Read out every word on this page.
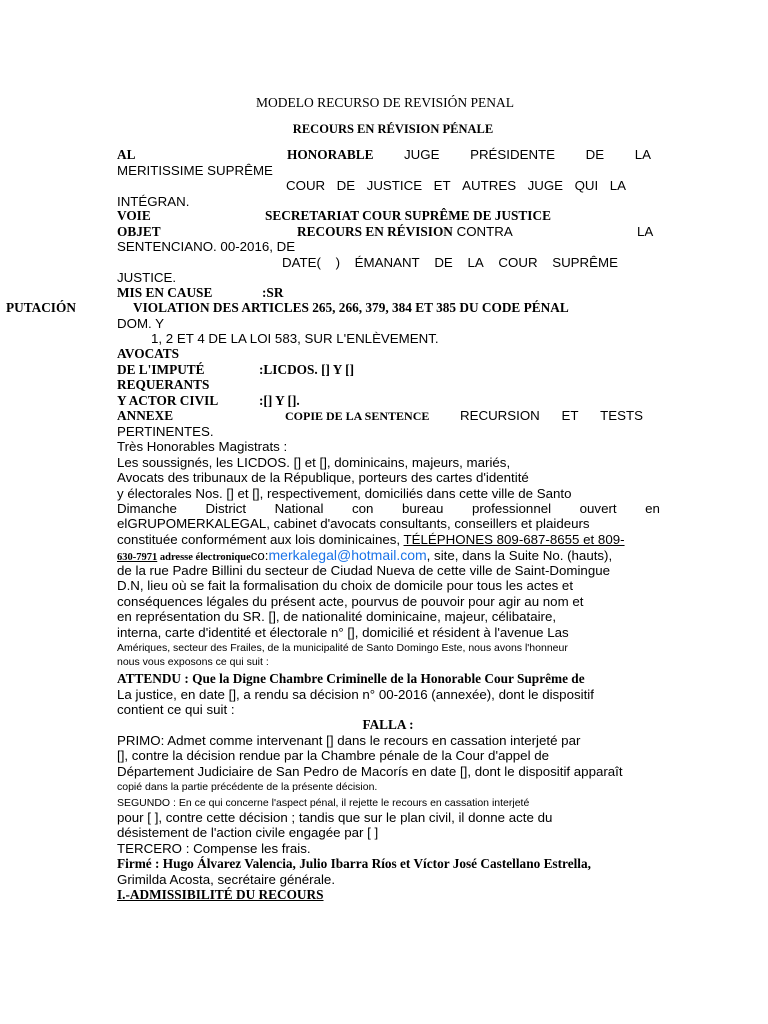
MODELO RECURSO DE REVISIÓN PENAL
RECOURS EN RÉVISION PÉNALE
AL	HONORABLE JUGE PRÉSIDENTE DE LA
MERITISSIME SUPRÊME
COUR DE JUSTICE ET AUTRES JUGE QUI LA
INTÉGRAN.
VOIE	SECRETARIAT COUR SUPRÊME DE JUSTICE
OBJET	RECOURS EN RÉVISION CONTRA	LA
SENTENCIANO. 00-2016, DE
DATE( ) ÉMANANT DE LA COUR SUPRÊME
JUSTICE.
MIS EN CAUSE	:SR
PUTACIÓN	VIOLATION DES ARTICLES 265, 266, 379, 384 ET 385 DU CODE PÉNAL
DOM. Y
1, 2 ET 4 DE LA LOI 583, SUR L'ENLÈVEMENT.
AVOCATS
DE L'IMPUTÉ	:LICDOS. [] Y []
REQUERANTS
Y ACTOR CIVIL	:[] Y [].
ANNEXE	COPIE DE LA SENTENCE RECURSION ET TESTS
PERTINENTES.
Très Honorables Magistrats :
Les soussignés, les LICDOS. [] et [], dominicains, majeurs, mariés,
Avocats des tribunaux de la République, porteurs des cartes d'identité
y électorales Nos. [] et [], respectivement, domiciliés dans cette ville de Santo
Dimanche District National con bureau professionnel ouvert en
elGRUPOMERKALEGAL, cabinet d'avocats consultants, conseillers et plaideurs
constituée conformément aux lois dominicaines, TÉLÉPHONES 809-687-8655 et 809-
630-7971 adresse électroniqueco:merkalegal@hotmail.com, site, dans la Suite No. (hauts),
de la rue Padre Billini du secteur de Ciudad Nueva de cette ville de Saint-Domingue
D.N, lieu où se fait la formalisation du choix de domicile pour tous les actes et
conséquences légales du présent acte, pourvus de pouvoir pour agir au nom et
en représentation du SR. [], de nationalité dominicaine, majeur, célibataire,
interna, carte d'identité et électorale n° [], domicilié et résident à l'avenue Las
Amériques, secteur des Frailes, de la municipalité de Santo Domingo Este, nous avons l'honneur
nous vous exposons ce qui suit :
ATTENDU : Que la Digne Chambre Criminelle de la Honorable Cour Suprême de
La justice, en date [], a rendu sa décision n° 00-2016 (annexée), dont le dispositif
contient ce qui suit :
FALLA :
PRIMO: Admet comme intervenant [] dans le recours en cassation interjeté par
[], contre la décision rendue par la Chambre pénale de la Cour d'appel de
Département Judiciaire de San Pedro de Macorís en date [], dont le dispositif apparaît
copié dans la partie précédente de la présente décision.
SEGUNDO : En ce qui concerne l'aspect pénal, il rejette le recours en cassation interjeté
pour [ ], contre cette décision ; tandis que sur le plan civil, il donne acte du
désistement de l'action civile engagée par [ ]
TERCERO : Compense les frais.
Firmé : Hugo Álvarez Valencia, Julio Ibarra Ríos et Víctor José Castellano Estrella,
Grimilda Acosta, secrétaire générale.
I.-ADMISSIBILITÉ DU RECOURS
